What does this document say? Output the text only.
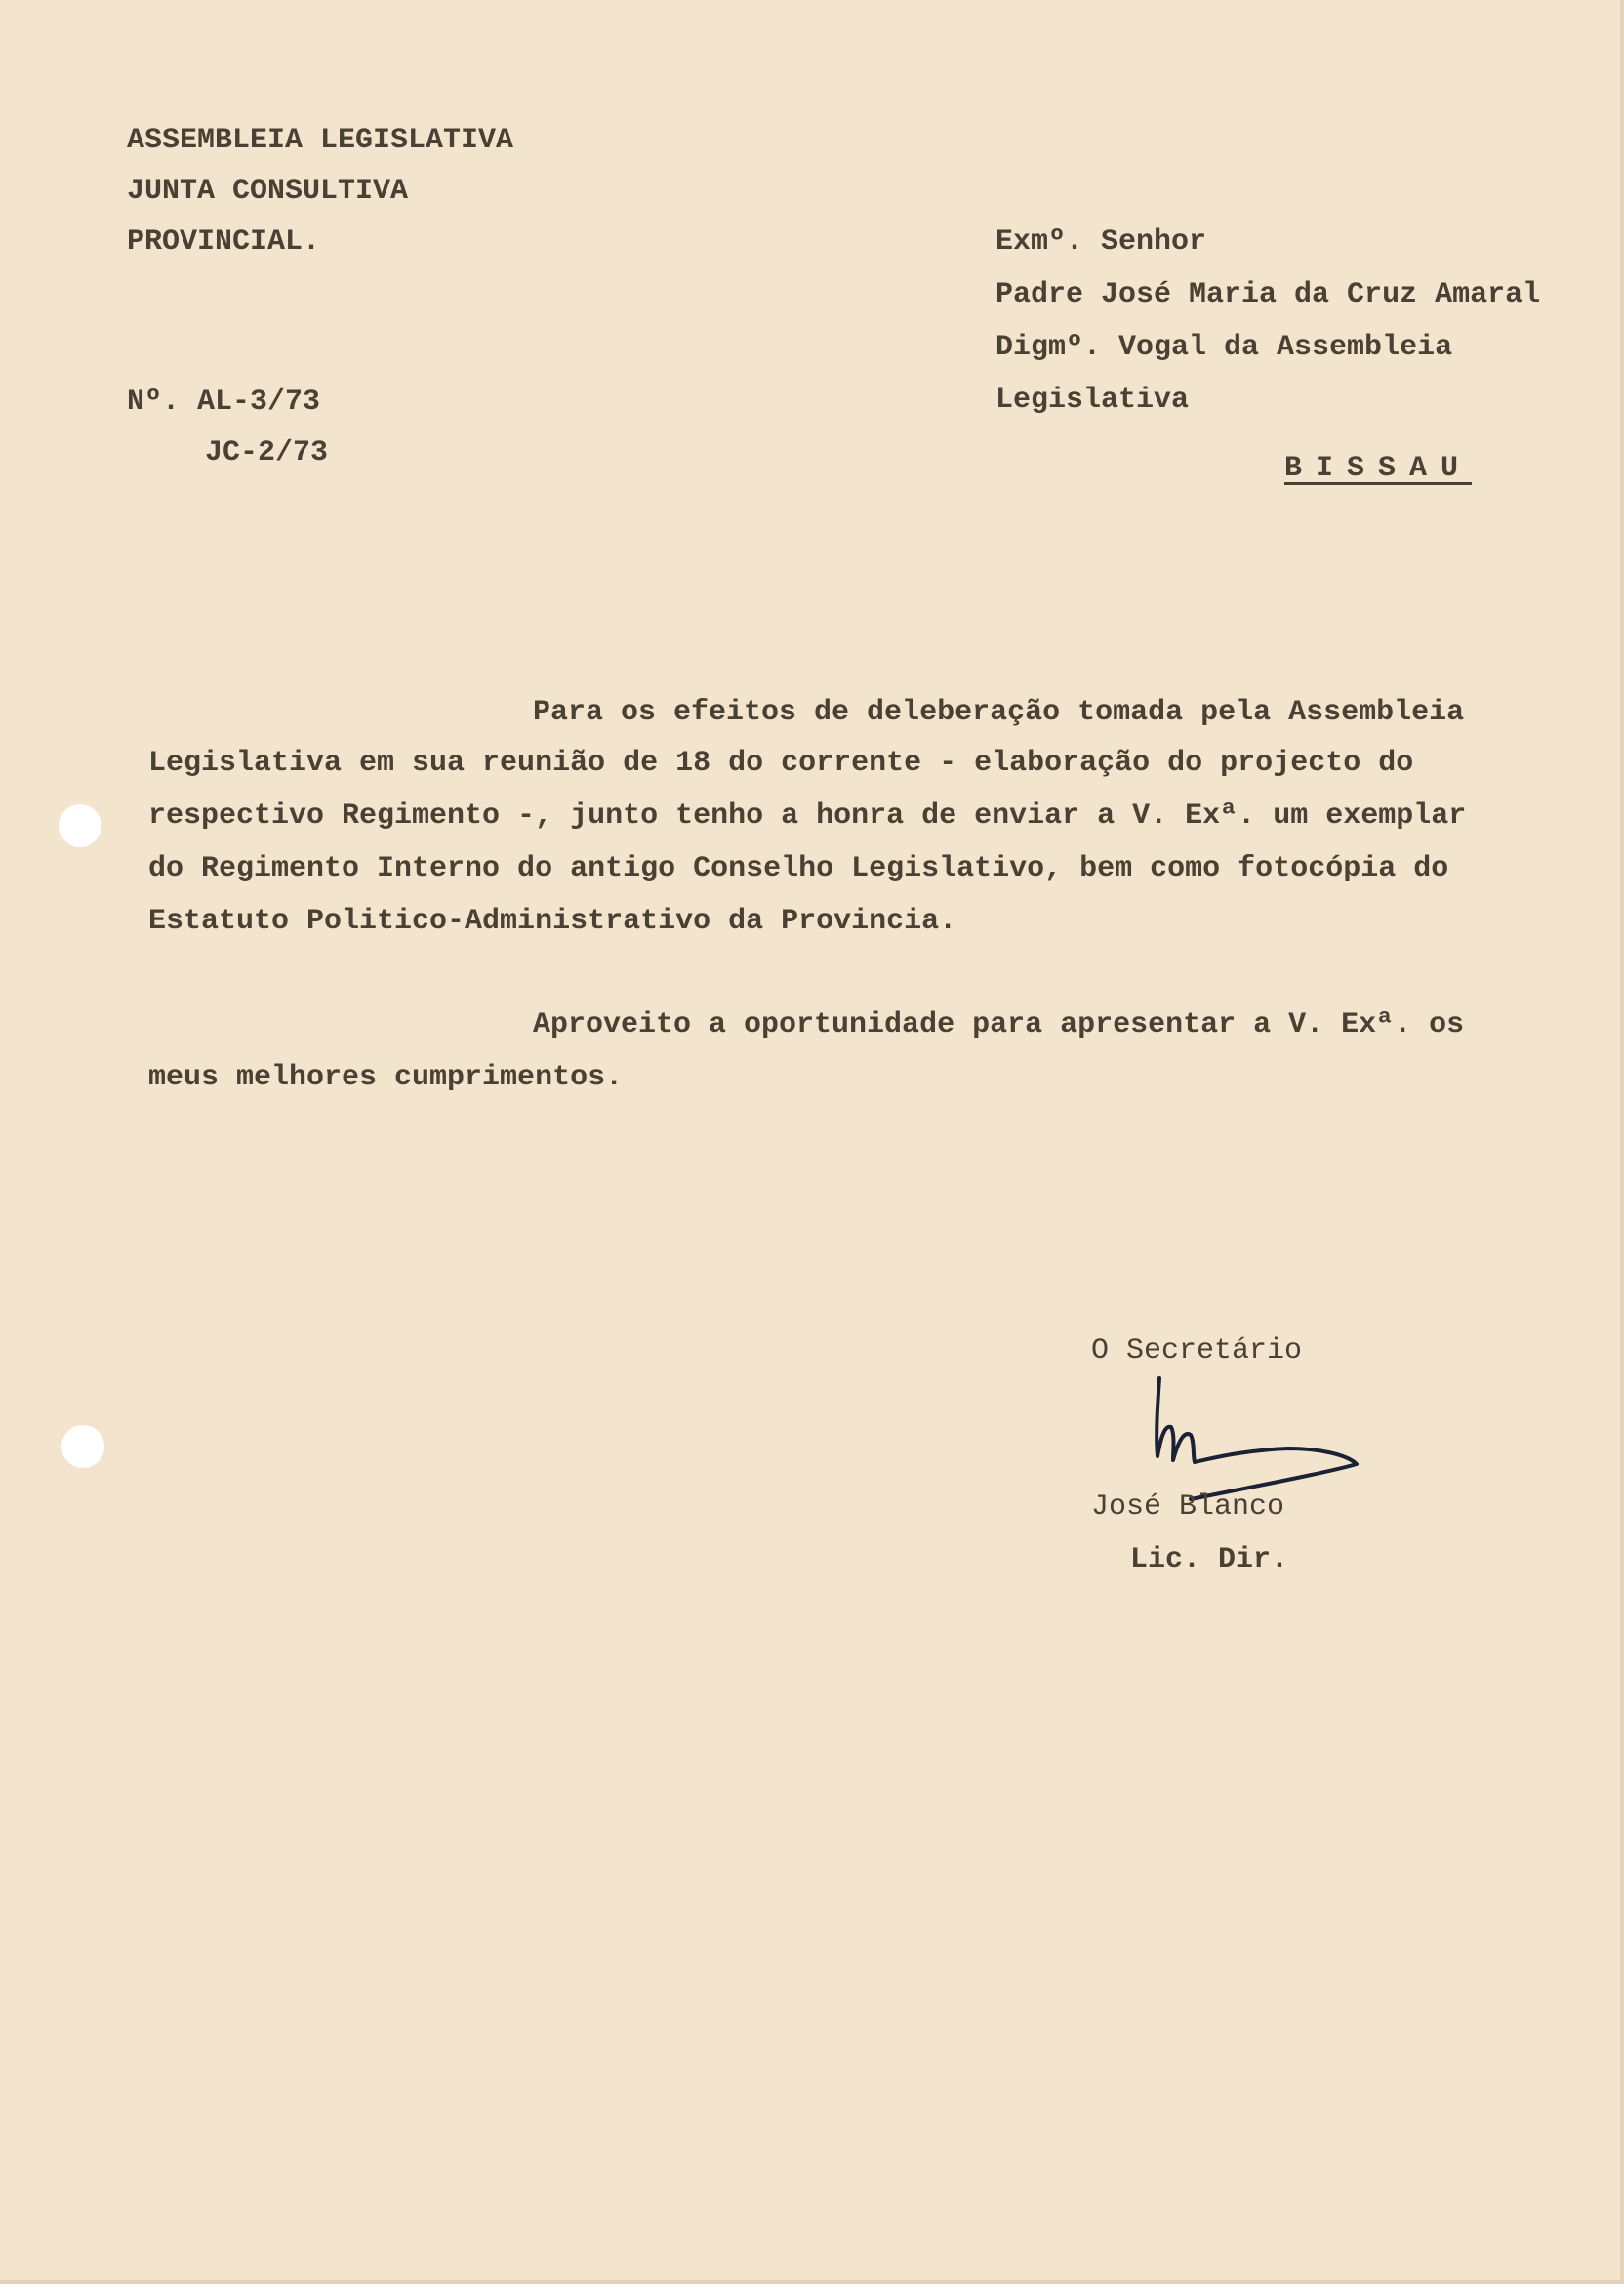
ASSEMBLEIA LEGISLATIVA
JUNTA CONSULTIVA
PROVINCIAL.
Nº. AL-3/73
JC-2/73
Exmº. Senhor
Padre José Maria da Cruz Amaral
Digmº. Vogal da Assembleia
Legislativa
BISSAU
Para os efeitos de deleberação tomada pela Assembleia
Legislativa em sua reunião de 18 do corrente - elaboração do projecto do
respectivo Regimento -, junto tenho a honra de enviar a V. Exª. um exemplar
do Regimento Interno do antigo Conselho Legislativo, bem como fotocópia do
Estatuto Politico-Administrativo da Provincia.
Aproveito a oportunidade para apresentar a V. Exª. os
meus melhores cumprimentos.
O Secretário
José Blanco
Lic. Dir.
